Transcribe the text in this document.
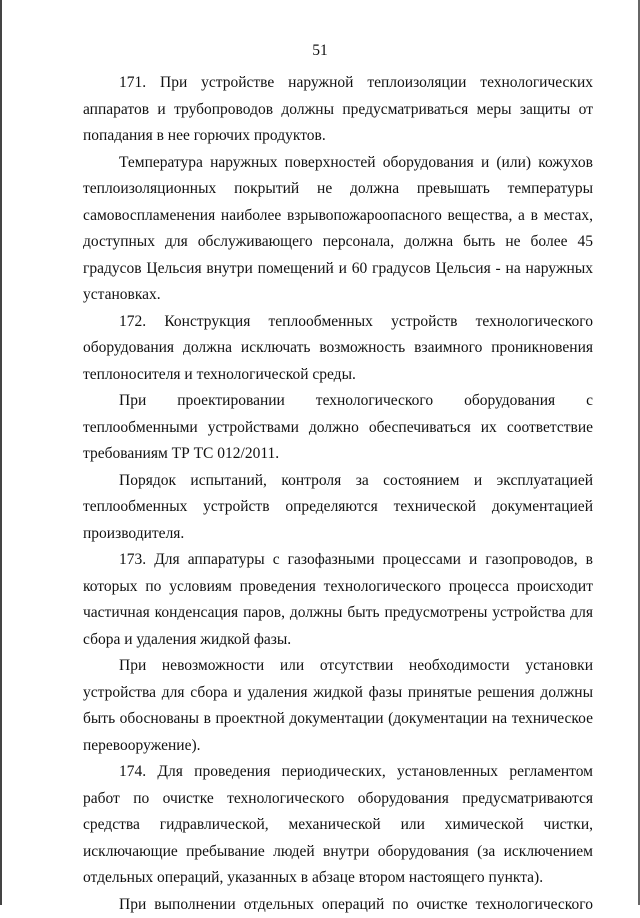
51

171. При устройстве наружной теплоизоляции технологических аппаратов и трубопроводов должны предусматриваться меры защиты от попадания в нее горючих продуктов.

Температура наружных поверхностей оборудования и (или) кожухов теплоизоляционных покрытий не должна превышать температуры самовоспламенения наиболее взрывопожароопасного вещества, а в местах, доступных для обслуживающего персонала, должна быть не более 45 градусов Цельсия внутри помещений и 60 градусов Цельсия - на наружных установках.

172. Конструкция теплообменных устройств технологического оборудования должна исключать возможность взаимного проникновения теплоносителя и технологической среды.

При проектировании технологического оборудования с теплообменными устройствами должно обеспечиваться их соответствие требованиям ТР ТС 012/2011.

Порядок испытаний, контроля за состоянием и эксплуатацией теплообменных устройств определяются технической документацией производителя.

173. Для аппаратуры с газофазными процессами и газопроводов, в которых по условиям проведения технологического процесса происходит частичная конденсация паров, должны быть предусмотрены устройства для сбора и удаления жидкой фазы.

При невозможности или отсутствии необходимости установки устройства для сбора и удаления жидкой фазы принятые решения должны быть обоснованы в проектной документации (документации на техническое перевооружение).

174. Для проведения периодических, установленных регламентом работ по очистке технологического оборудования предусматриваются средства гидравлической, механической или химической чистки, исключающие пребывание людей внутри оборудования (за исключением отдельных операций, указанных в абзаце втором настоящего пункта).

При выполнении отдельных операций по очистке технологического
